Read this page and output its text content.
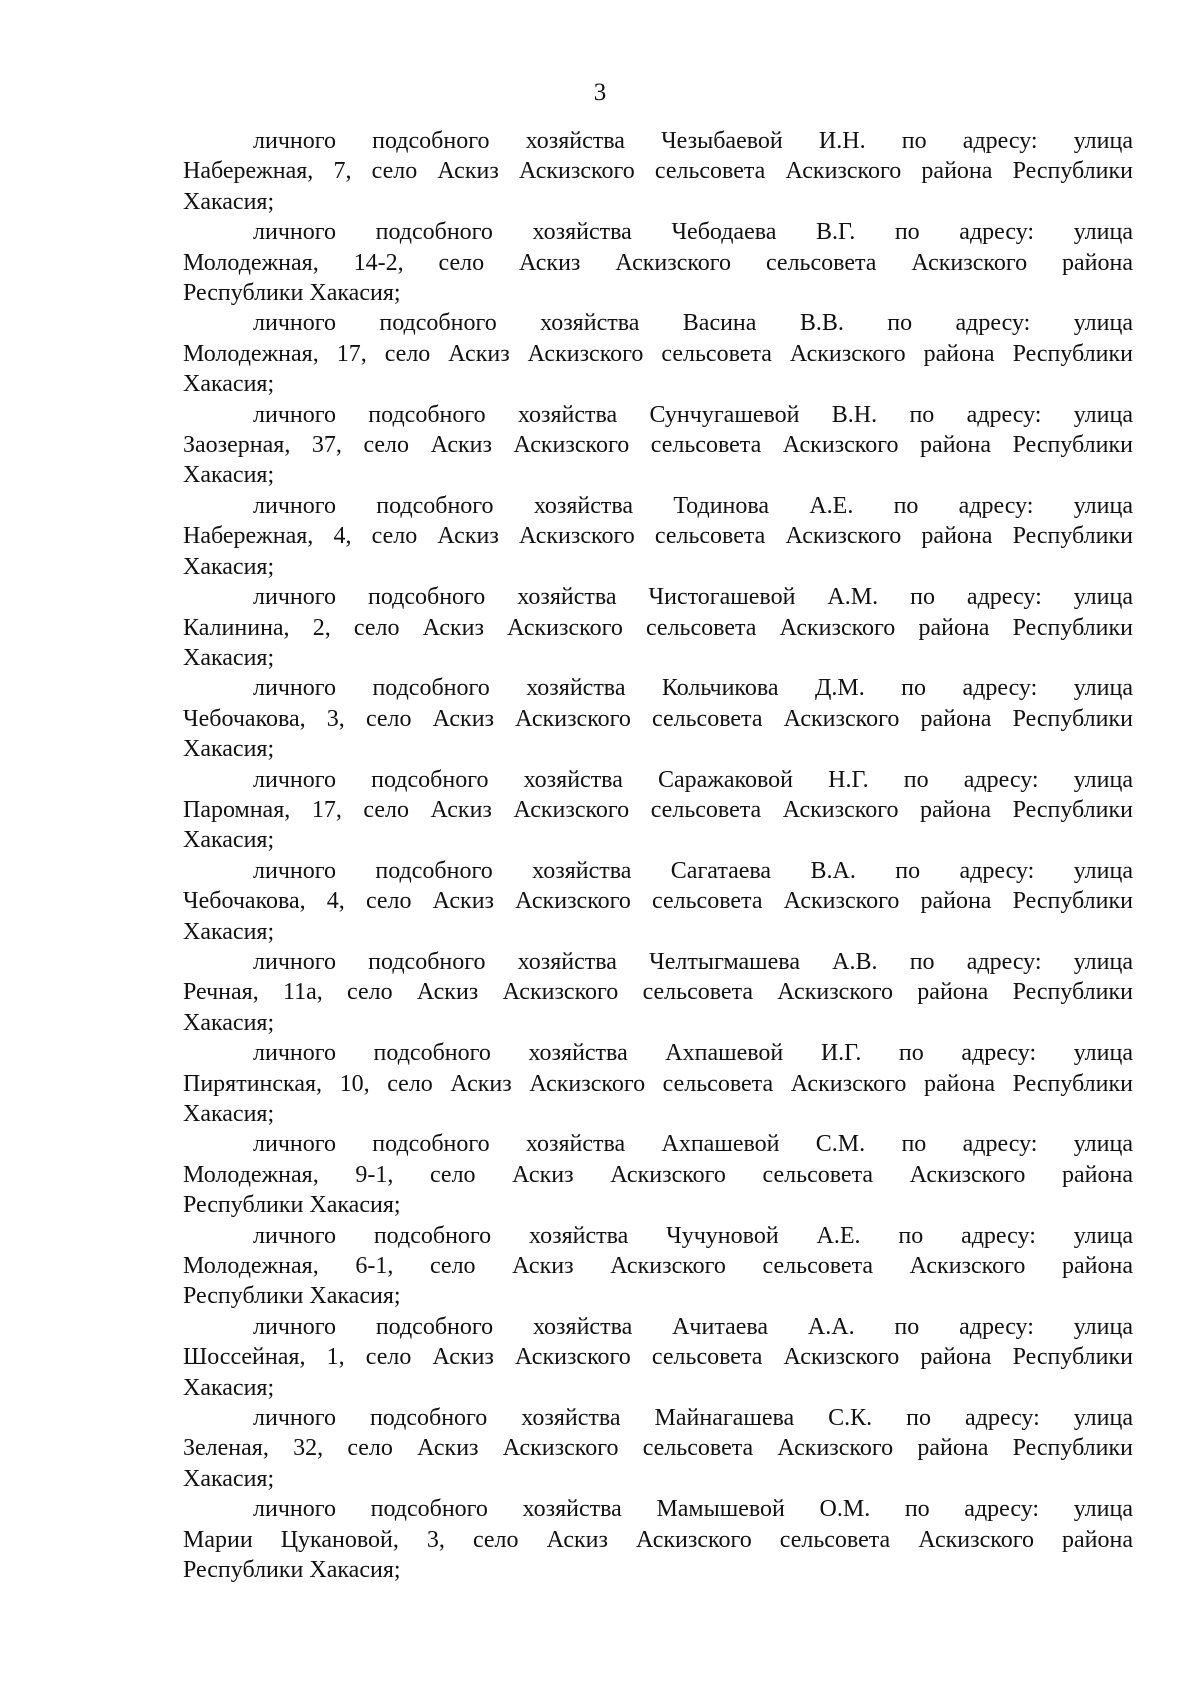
3

личного подсобного хозяйства Чезыбаевой И.Н. по адресу: улица
Набережная, 7, село Аскиз Аскизского сельсовета Аскизского района Республики
Хакасия;

личного подсобного хозяйства Чебодаева В.Г. по адресу: улица
Молодежная, 14-2, село Аскиз Аскизского сельсовета Аскизского района
Республики Хакасия;

личного подсобного хозяйства Васина В.В. по адресу: улица
Молодежная, 17, село Аскиз Аскизского сельсовета Аскизского района Республики
Хакасия;

личного подсобного хозяйства Сунчугашевой В.Н. по адресу: улица
Заозерная, 37, село Аскиз Аскизского сельсовета Аскизского района Республики
Хакасия;

личного подсобного хозяйства Тодинова А.Е. по адресу: улица
Набережная, 4, село Аскиз Аскизского сельсовета Аскизского района Республики
Хакасия;

личного подсобного хозяйства Чистогашевой А.М. по адресу: улица
Калинина, 2, село Аскиз Аскизского сельсовета Аскизского района Республики
Хакасия;

личного подсобного хозяйства Кольчикова Д.М. по адресу: улица
Чебочакова, 3, село Аскиз Аскизского сельсовета Аскизского района Республики
Хакасия;

личного подсобного хозяйства Саражаковой Н.Г. по адресу: улица
Паромная, 17, село Аскиз Аскизского сельсовета Аскизского района Республики
Хакасия;

личного подсобного хозяйства Сагатаева В.А. по адресу: улица
Чебочакова, 4, село Аскиз Аскизского сельсовета Аскизского района Республики
Хакасия;

личного подсобного хозяйства Челтыгмашева А.В. по адресу: улица
Речная, 11а, село Аскиз Аскизского сельсовета Аскизского района Республики
Хакасия;

личного подсобного хозяйства Ахпашевой И.Г. по адресу: улица
Пирятинская, 10, село Аскиз Аскизского сельсовета Аскизского района Республики
Хакасия;

личного подсобного хозяйства Ахпашевой С.М. по адресу: улица
Молодежная, 9-1, село Аскиз Аскизского сельсовета Аскизского района
Республики Хакасия;

личного подсобного хозяйства Чучуновой А.Е. по адресу: улица
Молодежная, 6-1, село Аскиз Аскизского сельсовета Аскизского района
Республики Хакасия;

личного подсобного хозяйства Ачитаева А.А. по адресу: улица
Шоссейная, 1, село Аскиз Аскизского сельсовета Аскизского района Республики
Хакасия;

личного подсобного хозяйства Майнагашева С.К. по адресу: улица
Зеленая, 32, село Аскиз Аскизского сельсовета Аскизского района Республики
Хакасия;

личного подсобного хозяйства Мамышевой О.М. по адресу: улица
Марии Цукановой, 3, село Аскиз Аскизского сельсовета Аскизского района
Республики Хакасия;
